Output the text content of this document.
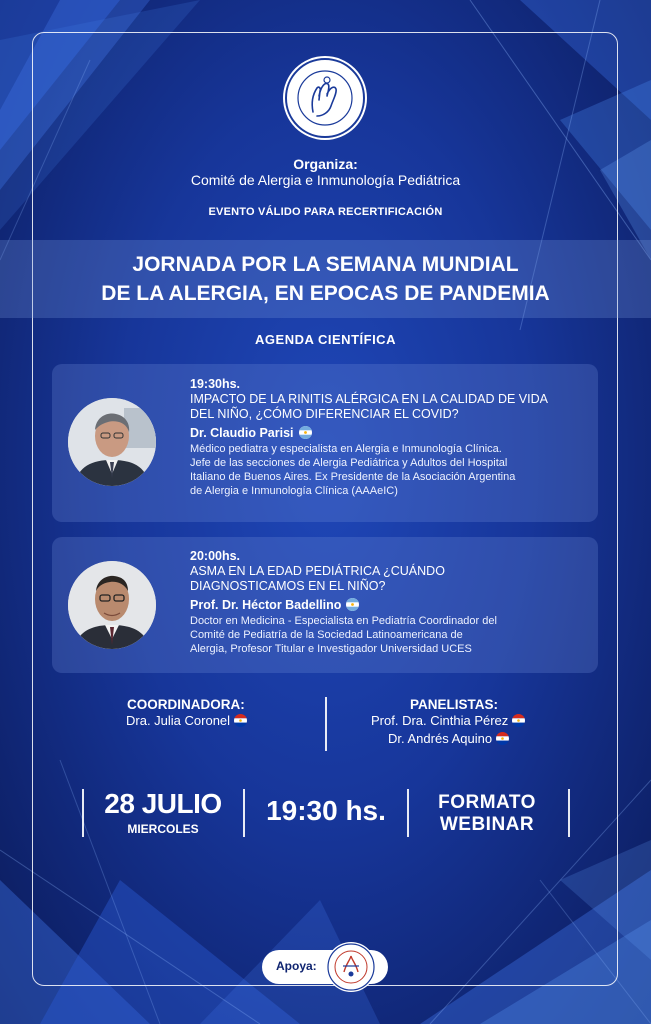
Organiza:
Comité de Alergia e Inmunología Pediátrica
EVENTO VÁLIDO PARA RECERTIFICACIÓN
JORNADA POR LA SEMANA MUNDIAL
DE LA ALERGIA, EN EPOCAS DE PANDEMIA
AGENDA CIENTÍFICA
19:30hs.
IMPACTO DE LA RINITIS ALÉRGICA EN LA CALIDAD DE VIDA
DEL NIÑO, ¿CÓMO DIFERENCIAR EL COVID?
Dr. Claudio Parisi
Médico pediatra y especialista en Alergia e Inmunología Clínica.
Jefe de las secciones de Alergia Pediátrica y Adultos del Hospital
Italiano de Buenos Aires. Ex Presidente de la Asociación Argentina
de Alergia e Inmunología Clínica (AAAeIC)
20:00hs.
ASMA EN LA EDAD PEDIÁTRICA ¿CUÁNDO
DIAGNOSTICAMOS EN EL NIÑO?
Prof. Dr. Héctor Badellino
Doctor en Medicina - Especialista en Pediatría Coordinador del
Comité de Pediatría de la Sociedad Latinoamericana de
Alergia, Profesor Titular e Investigador Universidad UCES
COORDINADORA:
Dra. Julia Coronel
PANELISTAS:
Prof. Dra. Cinthia Pérez
Dr. Andrés Aquino
28 JULIO
MIERCOLES
19:30 hs.	FORMATO
WEBINAR
Apoya:
